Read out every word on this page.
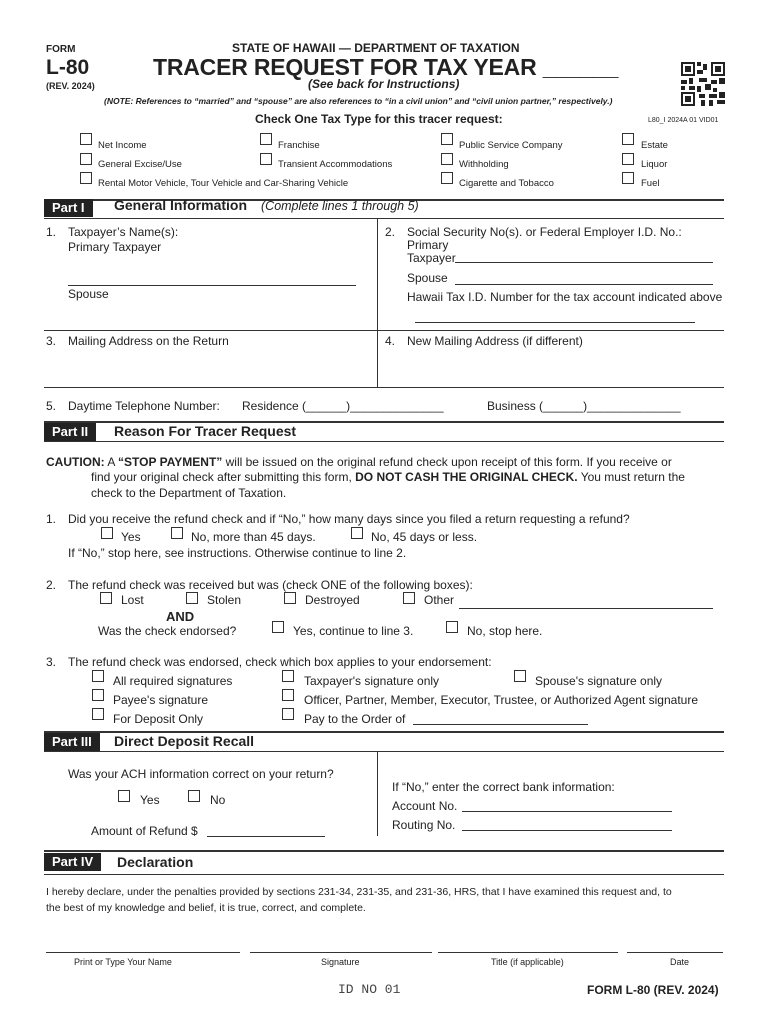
FORM
L-80
(REV. 2024)
STATE OF HAWAII — DEPARTMENT OF TAXATION
TRACER REQUEST FOR TAX YEAR ______
(See back for Instructions)
(NOTE: References to “married” and “spouse” are also references to “in a civil union” and “civil union partner,” respectively.)
Check One Tax Type for this tracer request:	L80_I 2024A 01 VID01
Net Income	Franchise	Public Service Company	Estate
General Excise/Use	Transient Accommodations	Withholding	Liquor
Rental Motor Vehicle, Tour Vehicle and Car-Sharing Vehicle	Cigarette and Tobacco	Fuel
Part I	General Information (Complete lines 1 through 5)
1. Taxpayer’s Name(s):
Primary Taxpayer
Spouse
2. Social Security No(s). or Federal Employer I.D. No.:
Primary
Taxpayer
Spouse
Hawaii Tax I.D. Number for the tax account indicated above
3. Mailing Address on the Return	4. New Mailing Address (if different)
5. Daytime Telephone Number: Residence (______)______________	Business (______)______________
Part II	Reason For Tracer Request
CAUTION: A “STOP PAYMENT” will be issued on the original refund check upon receipt of this form. If you receive or
find your original check after submitting this form, DO NOT CASH THE ORIGINAL CHECK. You must return the
check to the Department of Taxation.
1. Did you receive the refund check and if “No,” how many days since you filed a return requesting a refund?
Yes	No, more than 45 days.	No, 45 days or less.
If “No,” stop here, see instructions. Otherwise continue to line 2.
2. The refund check was received but was (check ONE of the following boxes):
Lost	Stolen	Destroyed	Other
AND
Was the check endorsed?	Yes, continue to line 3.	No, stop here.
3. The refund check was endorsed, check which box applies to your endorsement:
All required signatures	Taxpayer's signature only	Spouse's signature only
Payee's signature	Officer, Partner, Member, Executor, Trustee, or Authorized Agent signature
For Deposit Only	Pay to the Order of
Part III	Direct Deposit Recall
Was your ACH information correct on your return?
Yes	No
Amount of Refund $
If “No,” enter the correct bank information:
Account No.
Routing No.
Part IV	Declaration
I hereby declare, under the penalties provided by sections 231-34, 231-35, and 231-36, HRS, that I have examined this request and, to
the best of my knowledge and belief, it is true, correct, and complete.
Print or Type Your Name	Signature	Title (if applicable)	Date
ID NO 01	FORM L-80 (REV. 2024)
